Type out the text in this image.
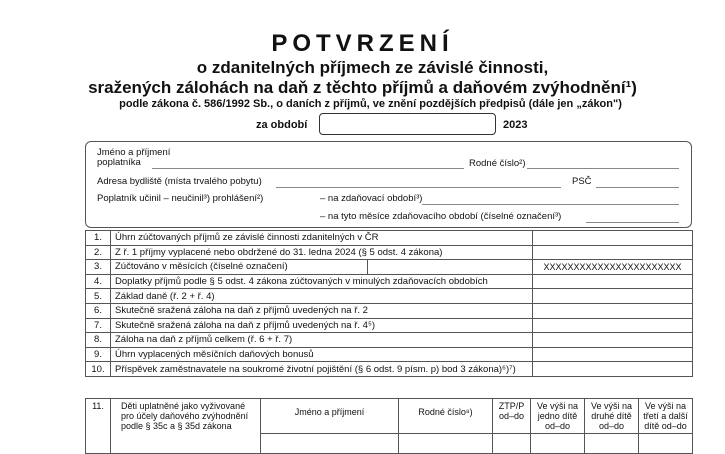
POTVRZENÍ
o zdanitelných příjmech ze závislé činnosti,
sražených zálohách na daň z těchto příjmů a daňovém zvýhodnění¹)
podle zákona č. 586/1992 Sb., o daních z příjmů, ve znění pozdějších předpisů (dále jen „zákon")
za období	2023
Jméno a příjmení
poplatníka	Rodné číslo²)
Adresa bydliště (místa trvalého pobytu)	PSČ
Poplatník učinil – neučinil³) prohlášení²)	– na zdaňovací období³)
– na tyto měsíce zdaňovacího období (číselné označení³)
1.	Úhrn zúčtovaných příjmů ze závislé činnosti zdanitelných v ČR		
2.	Z ř. 1 příjmy vyplacené nebo obdržené do 31. ledna 2024 (§ 5 odst. 4 zákona)		
3.	Zúčtováno v měsících (číselné označení)		XXXXXXXXXXXXXXXXXXXXXXX
4.	Doplatky příjmů podle § 5 odst. 4 zákona zúčtovaných v minulých zdaňovacích obdobích		
5.	Základ daně (ř. 2 + ř. 4)		
6.	Skutečně sražená záloha na daň z příjmů uvedených na ř. 2		
7.	Skutečně sražená záloha na daň z příjmů uvedených na ř. 4⁵)		
8.	Záloha na daň z příjmů celkem (ř. 6 + ř. 7)		
9.	Úhrn vyplacených měsíčních daňových bonusů		
10.	Příspěvek zaměstnavatele na soukromé životní pojištění (§ 6 odst. 9 písm. p) bod 3 zákona)⁶)⁷)		
11.	Děti uplatněné jako vyživované pro účely daňového zvýhodnění podle § 35c a § 35d zákona	Jméno a příjmení	Rodné číslo⁸)	ZTP/P od–do	Ve výši na jedno dítě od–do	Ve výši na druhé dítě od–do	Ve výši na třetí a další dítě od–do
